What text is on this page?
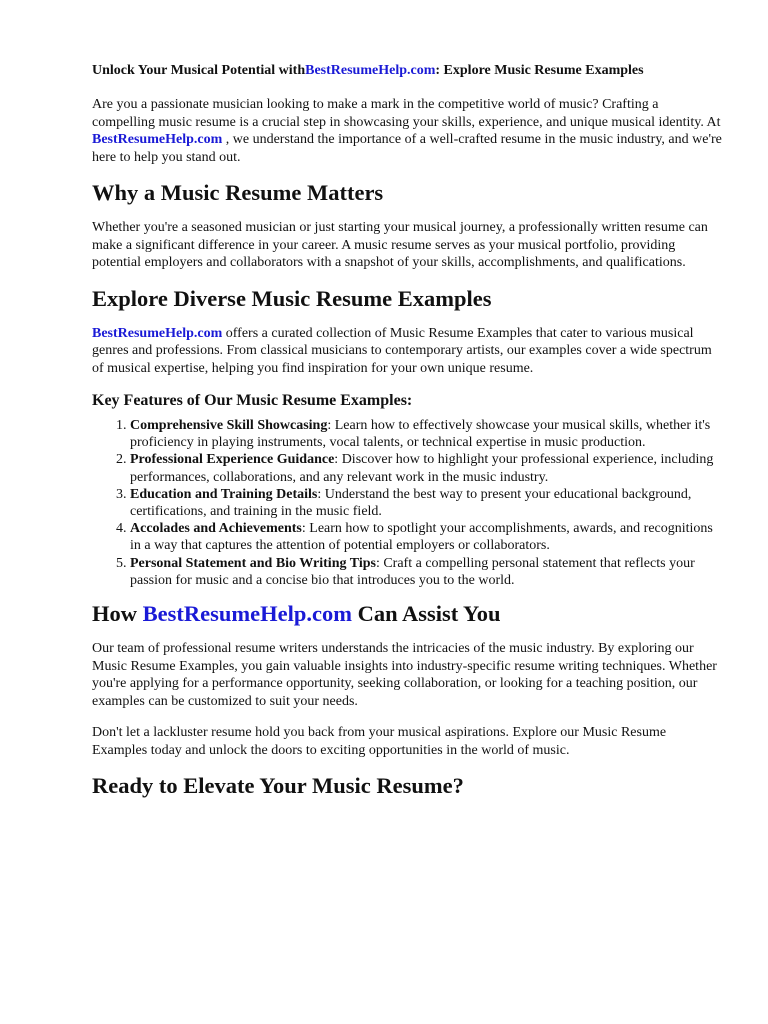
Unlock Your Musical Potential withBestResumeHelp.com: Explore Music Resume Examples

Are you a passionate musician looking to make a mark in the competitive world of music? Crafting a compelling music resume is a crucial step in showcasing your skills, experience, and unique musical identity. At BestResumeHelp.com , we understand the importance of a well-crafted resume in the music industry, and we're here to help you stand out.

Why a Music Resume Matters

Whether you're a seasoned musician or just starting your musical journey, a professionally written resume can make a significant difference in your career. A music resume serves as your musical portfolio, providing potential employers and collaborators with a snapshot of your skills, accomplishments, and qualifications.

Explore Diverse Music Resume Examples

BestResumeHelp.com offers a curated collection of Music Resume Examples that cater to various musical genres and professions. From classical musicians to contemporary artists, our examples cover a wide spectrum of musical expertise, helping you find inspiration for your own unique resume.

Key Features of Our Music Resume Examples:
1. Comprehensive Skill Showcasing: Learn how to effectively showcase your musical skills, whether it's proficiency in playing instruments, vocal talents, or technical expertise in music production.
2. Professional Experience Guidance: Discover how to highlight your professional experience, including performances, collaborations, and any relevant work in the music industry.
3. Education and Training Details: Understand the best way to present your educational background, certifications, and training in the music field.
4. Accolades and Achievements: Learn how to spotlight your accomplishments, awards, and recognitions in a way that captures the attention of potential employers or collaborators.
5. Personal Statement and Bio Writing Tips: Craft a compelling personal statement that reflects your passion for music and a concise bio that introduces you to the world.
How BestResumeHelp.com Can Assist You

Our team of professional resume writers understands the intricacies of the music industry. By exploring our Music Resume Examples, you gain valuable insights into industry-specific resume writing techniques. Whether you're applying for a performance opportunity, seeking collaboration, or looking for a teaching position, our examples can be customized to suit your needs.

Don't let a lackluster resume hold you back from your musical aspirations. Explore our Music Resume Examples today and unlock the doors to exciting opportunities in the world of music.

Ready to Elevate Your Music Resume?
